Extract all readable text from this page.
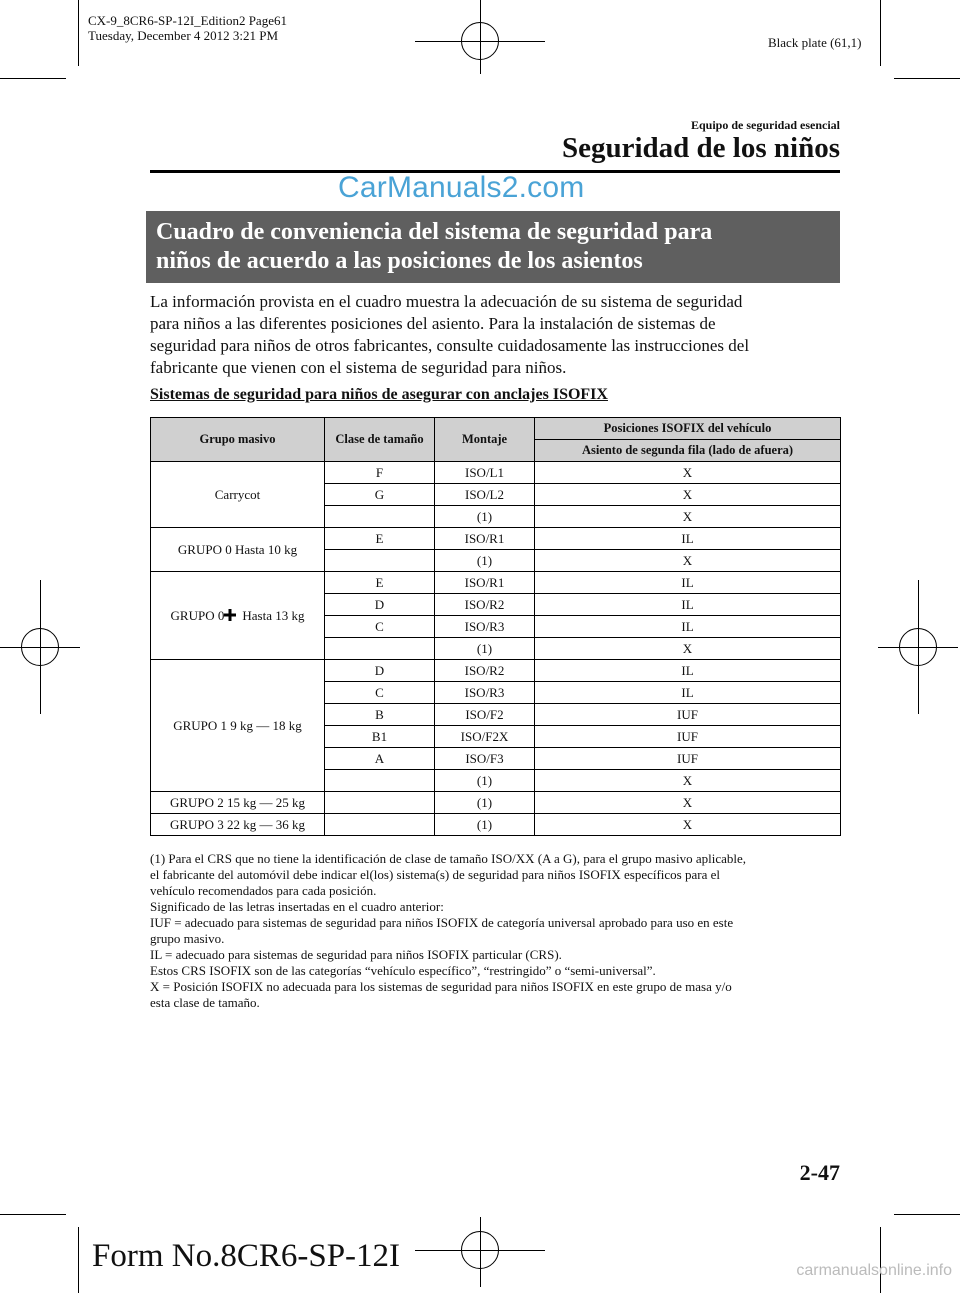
CX-9_8CR6-SP-12I_Edition2 Page61
Tuesday, December 4 2012 3:21 PM	Black plate (61,1)
Equipo de seguridad esencial
Seguridad de los niños
CarManuals2.com
Cuadro de conveniencia del sistema de seguridad para
niños de acuerdo a las posiciones de los asientos
La información provista en el cuadro muestra la adecuación de su sistema de seguridad
para niños a las diferentes posiciones del asiento. Para la instalación de sistemas de
seguridad para niños de otros fabricantes, consulte cuidadosamente las instrucciones del
fabricante que vienen con el sistema de seguridad para niños.
Sistemas de seguridad para niños de asegurar con anclajes ISOFIX
Grupo masivo	Clase de tamaño	Montaje	Posiciones ISOFIX del vehículo
			Asiento de segunda fila (lado de afuera)
Carrycot	F	ISO/L1	X
	G	ISO/L2	X
		(1)	X
GRUPO 0 Hasta 10 kg	E	ISO/R1	IL
		(1)	X
GRUPO 0 Hasta 13 kg	E	ISO/R1	IL
	D	ISO/R2	IL
	C	ISO/R3	IL
		(1)	X
GRUPO 1 9 kg ― 18 kg	D	ISO/R2	IL
	C	ISO/R3	IL
	B	ISO/F2	IUF
	B1	ISO/F2X	IUF
	A	ISO/F3	IUF
		(1)	X
GRUPO 2 15 kg ― 25 kg		(1)	X
GRUPO 3 22 kg ― 36 kg		(1)	X
(1) Para el CRS que no tiene la identificación de clase de tamaño ISO/XX (A a G), para el grupo masivo aplicable,
el fabricante del automóvil debe indicar el(los) sistema(s) de seguridad para niños ISOFIX específicos para el
vehículo recomendados para cada posición.
Significado de las letras insertadas en el cuadro anterior:
IUF = adecuado para sistemas de seguridad para niños ISOFIX de categoría universal aprobado para uso en este
grupo masivo.
IL = adecuado para sistemas de seguridad para niños ISOFIX particular (CRS).
Estos CRS ISOFIX son de las categorías “vehículo específico”, “restringido” o “semi-universal”.
X = Posición ISOFIX no adecuada para los sistemas de seguridad para niños ISOFIX en este grupo de masa y/o
esta clase de tamaño.
2-47
Form No.8CR6-SP-12I	carmanualsonline.info
